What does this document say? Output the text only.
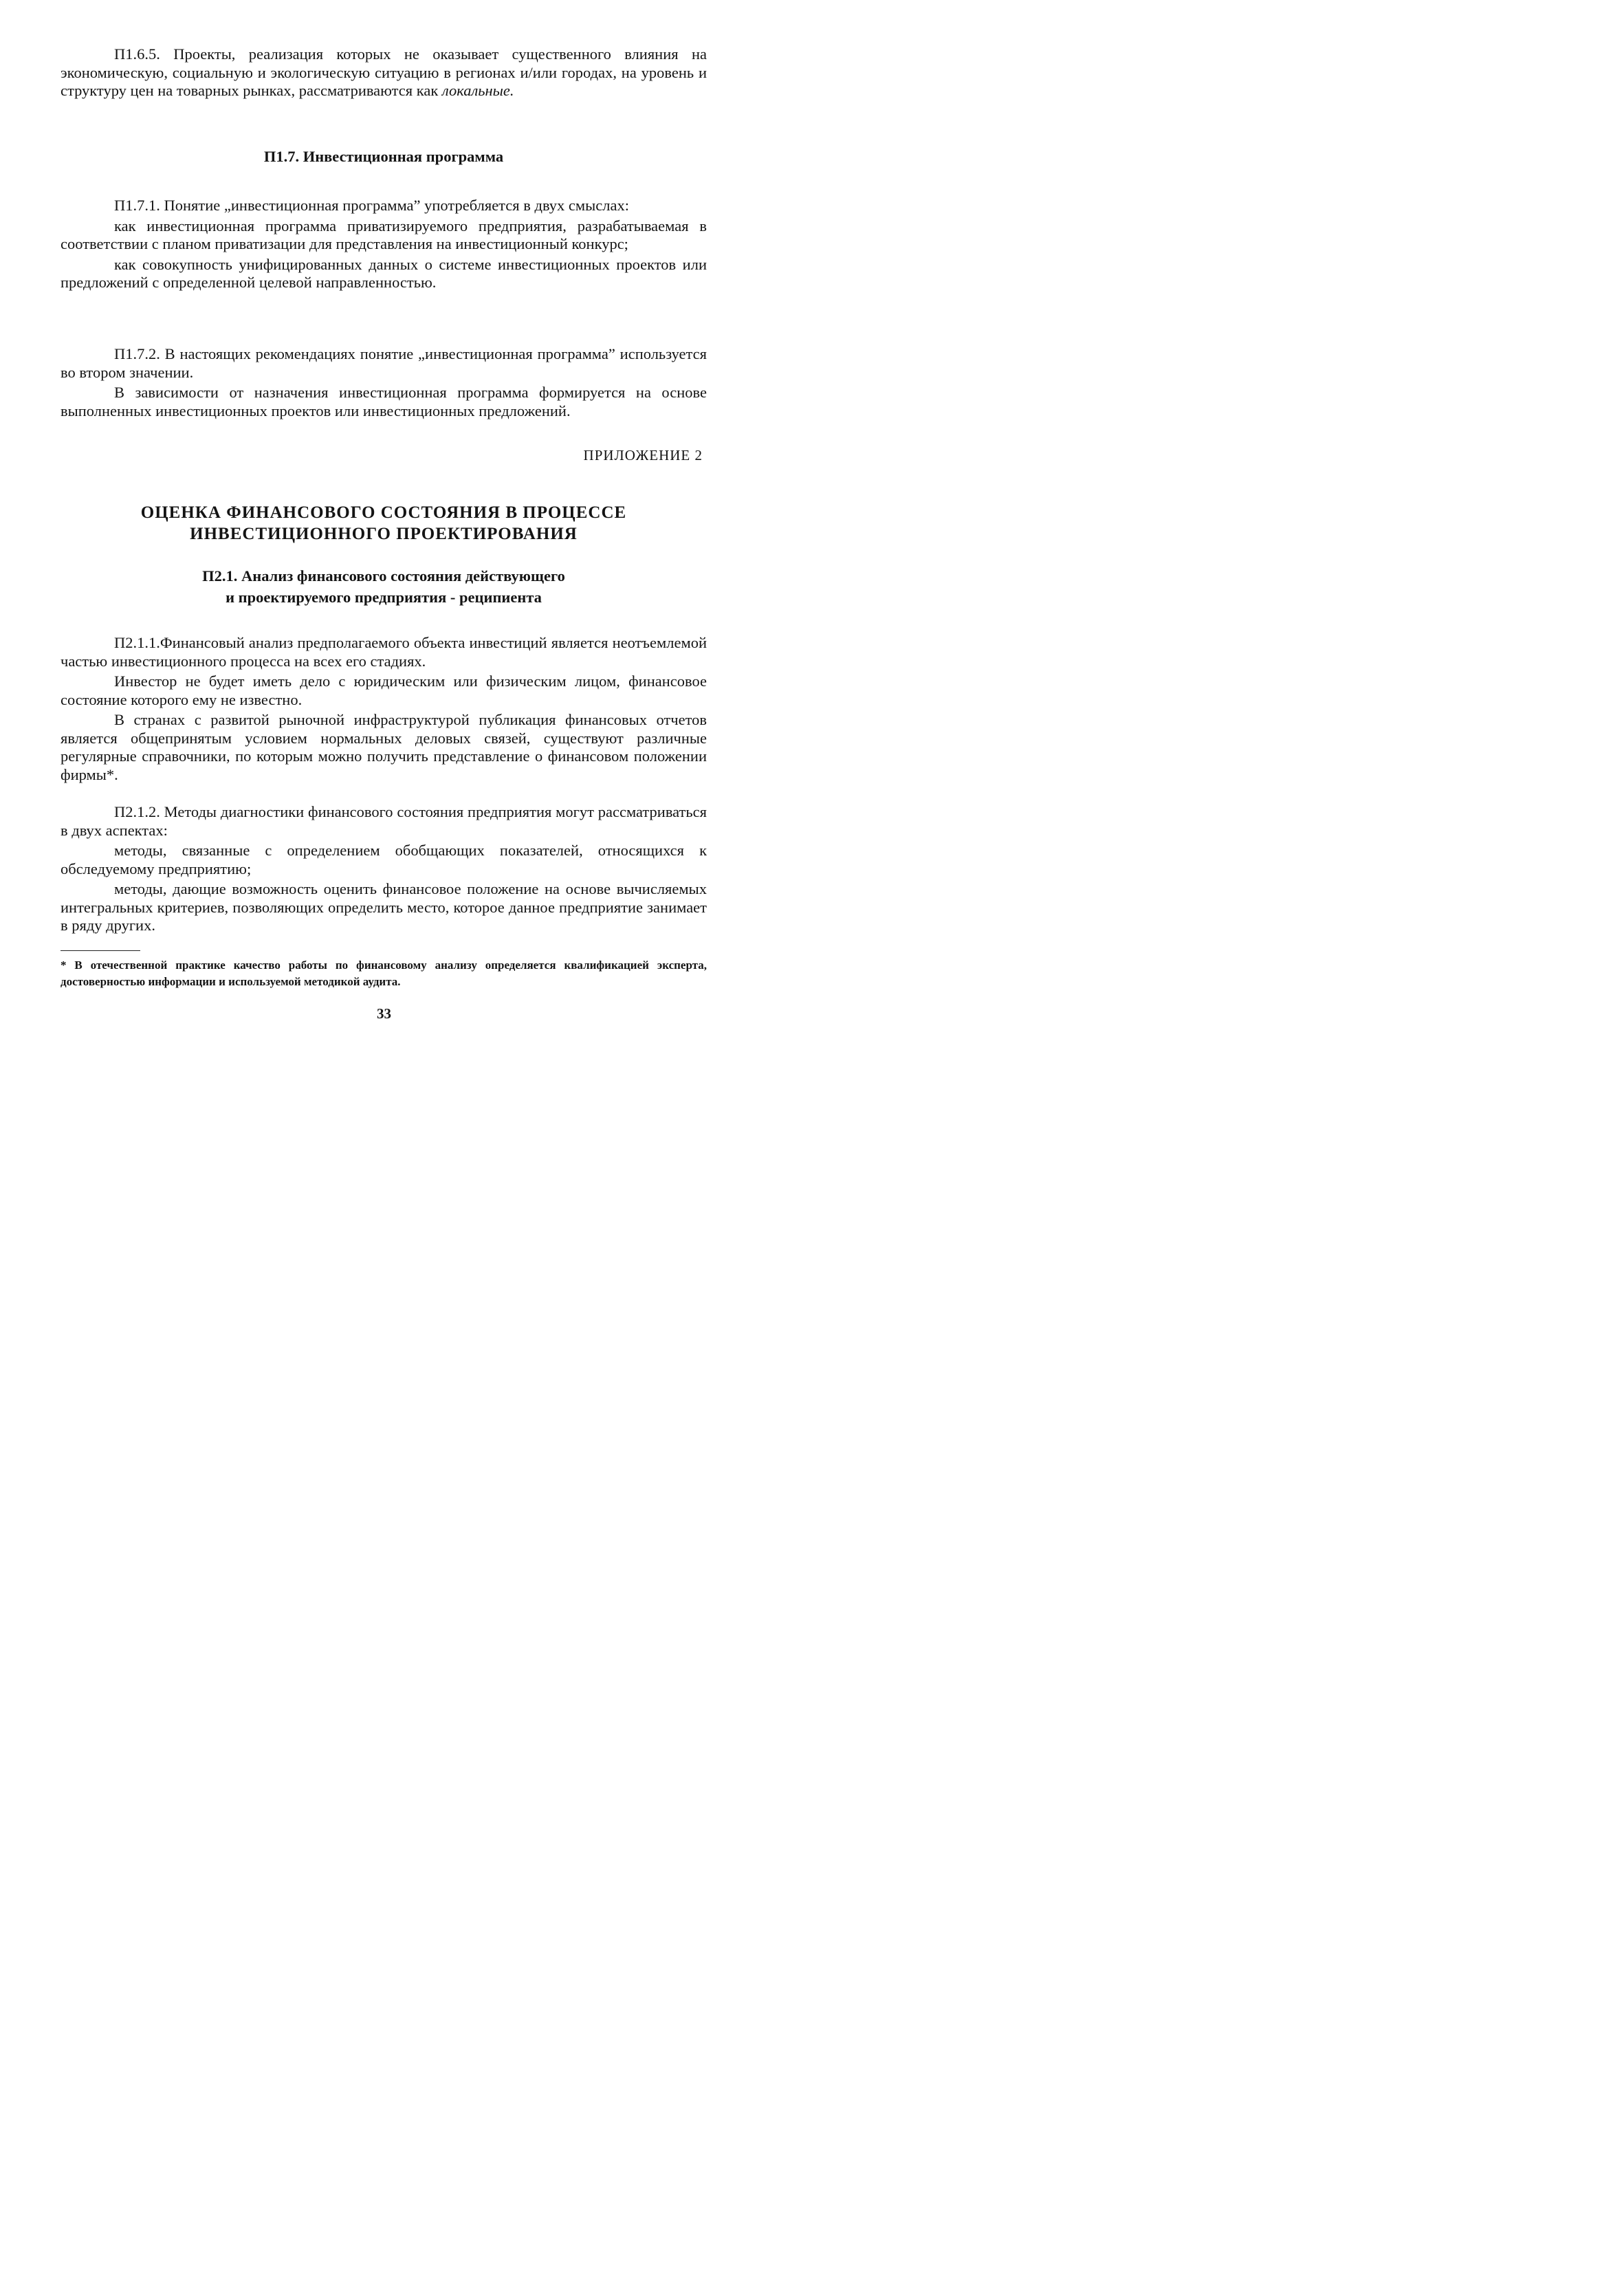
П1.6.5. Проекты, реализация которых не оказывает существенного влияния на экономическую, социальную и экологическую ситуацию в регионах и/или городах, на уровень и структуру цен на товарных рынках, рассматриваются как локальные.

П1.7. Инвестиционная программа

П1.7.1. Понятие „инвестиционная программа” употребляется в двух смыслах:

как инвестиционная программа приватизируемого предприятия, разрабатываемая в соответствии с планом приватизации для представления на инвестиционный конкурс;

как совокупность унифицированных данных о системе инвестиционных проектов или предложений с определенной целевой направленностью.

П1.7.2. В настоящих рекомендациях понятие „инвестиционная программа” используется во втором значении.

В зависимости от назначения инвестиционная программа формируется на основе выполненных инвестиционных проектов или инвестиционных предложений.

ПРИЛОЖЕНИЕ 2
ОЦЕНКА ФИНАНСОВОГО СОСТОЯНИЯ В ПРОЦЕССЕ
ИНВЕСТИЦИОННОГО ПРОЕКТИРОВАНИЯ
П2.1. Анализ финансового состояния действующего
и проектируемого предприятия - реципиента

П2.1.1.Финансовый анализ предполагаемого объекта инвестиций является неотъемлемой частью инвестиционного процесса на всех его стадиях.

Инвестор не будет иметь дело с юридическим или физическим лицом, финансовое состояние которого ему не известно.

В странах с развитой рыночной инфраструктурой публикация финансовых отчетов является общепринятым условием нормальных деловых связей, существуют различные регулярные справочники, по которым можно получить представление о финансовом положении фирмы*.

П2.1.2. Методы диагностики финансового состояния предприятия могут рассматриваться в двух аспектах:

методы, связанные с определением обобщающих показателей, относящихся к обследуемому предприятию;

методы, дающие возможность оценить финансовое положение на основе вычисляемых интегральных критериев, позволяющих определить место, которое данное предприятие занимает в ряду других.

* В отечественной практике качество работы по финансовому анализу определяется квалификацией эксперта, достоверностью информации и используемой методикой аудита.
33
